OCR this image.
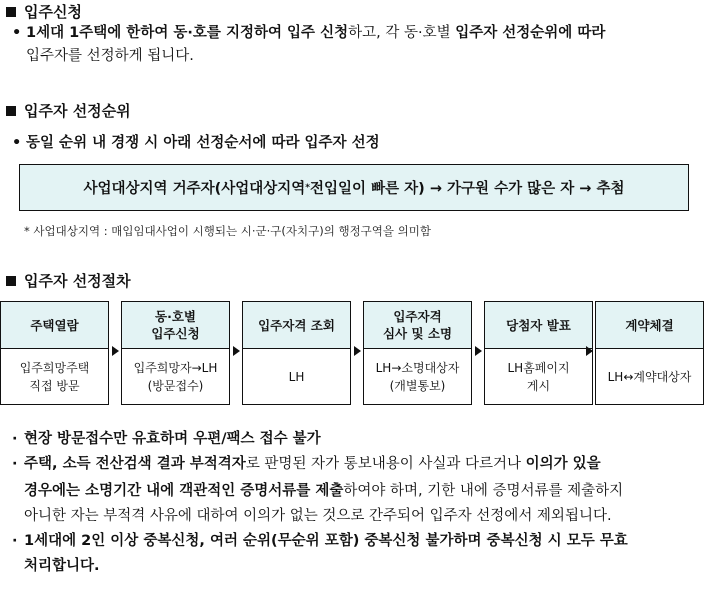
입주신청
• 1세대 1주택에 한하여 동·호를 지정하여 입주 신청하고, 각 동·호별 입주자 선정순위에 따라
입주자를 선정하게 됩니다.
입주자 선정순위
• 동일 순위 내 경쟁 시 아래 선정순서에 따라 입주자 선정
사업대상지역 거주자(사업대상지역 * 전입일이 빠른 자) → 가구원 수가 많은 자 → 추첨
* 사업대상지역 : 매입임대사업이 시행되는 시·군·구(자치구)의 행정구역을 의미함
입주자 선정절차
주택열람
입주희망주택
직접 방문
동·호별
입주신청
입주희망자→LH
(방문접수)
입주자격 조회
LH
입주자격
심사 및 소명
LH→소명대상자
(개별통보)
당첨자 발표
LH홈페이지
게시
계약체결
LH↔계약대상자
· 현장 방문접수만 유효하며 우편/팩스 접수 불가
· 주택, 소득 전산검색 결과 부적격자로 판명된 자가 통보내용이 사실과 다르거나 이의가 있을
경우에는 소명기간 내에 객관적인 증명서류를 제출하여야 하며, 기한 내에 증명서류를 제출하지
아니한 자는 부적격 사유에 대하여 이의가 없는 것으로 간주되어 입주자 선정에서 제외됩니다.
· 1세대에 2인 이상 중복신청, 여러 순위(무순위 포함) 중복신청 불가하며 중복신청 시 모두 무효
처리합니다.
